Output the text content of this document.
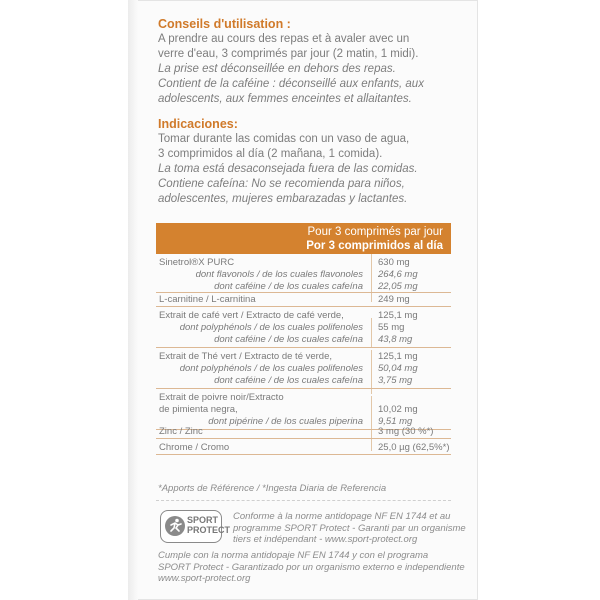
Conseils d'utilisation :
A prendre au cours des repas et à avaler avec un
verre d'eau, 3 comprimés par jour (2 matin, 1 midi).
La prise est déconseillée en dehors des repas.
Contient de la caféine : déconseillé aux enfants, aux
adolescents, aux femmes enceintes et allaitantes.
Indicaciones:
Tomar durante las comidas con un vaso de agua,
3 comprimidos al día (2 mañana, 1 comida).
La toma está desaconsejada fuera de las comidas.
Contiene cafeína: No se recomienda para niños,
adolescentes, mujeres embarazadas y lactantes.
Pour 3 comprimés par jour
Por 3 comprimidos al día
Sinetrol®X PURC	630 mg
dont flavonols / de los cuales flavonoles 264,6 mg
dont caféine / de los cuales cafeína 22,05 mg
L-carnitine / L-carnitina	249 mg
Extrait de café vert / Extracto de café verde,	125,1 mg
dont polyphénols / de los cuales polifenoles 55 mg
dont caféine / de los cuales cafeína 43,8 mg
Extrait de Thé vert / Extracto de té verde,	125,1 mg
dont polyphénols / de los cuales polifenoles 50,04 mg
dont caféine / de los cuales cafeína 3,75 mg
Extrait de poivre noir/Extracto
de pimienta negra,	10,02 mg
dont pipérine / de los cuales piperina 9,51 mg
Zinc / Zinc	3 mg (30 %*)
Chrome / Cromo	25,0 µg (62,5%*)
*Apports de Référence / *Ingesta Diaria de Referencia
SPORT
PROTECT
Conforme à la norme antidopage NF EN 1744 et au
programme SPORT Protect - Garanti par un organisme
tiers et indépendant - www.sport-protect.org
Cumple con la norma antidopaje NF EN 1744 y con el programa
SPORT Protect - Garantizado por un organismo externo e independiente
www.sport-protect.org
